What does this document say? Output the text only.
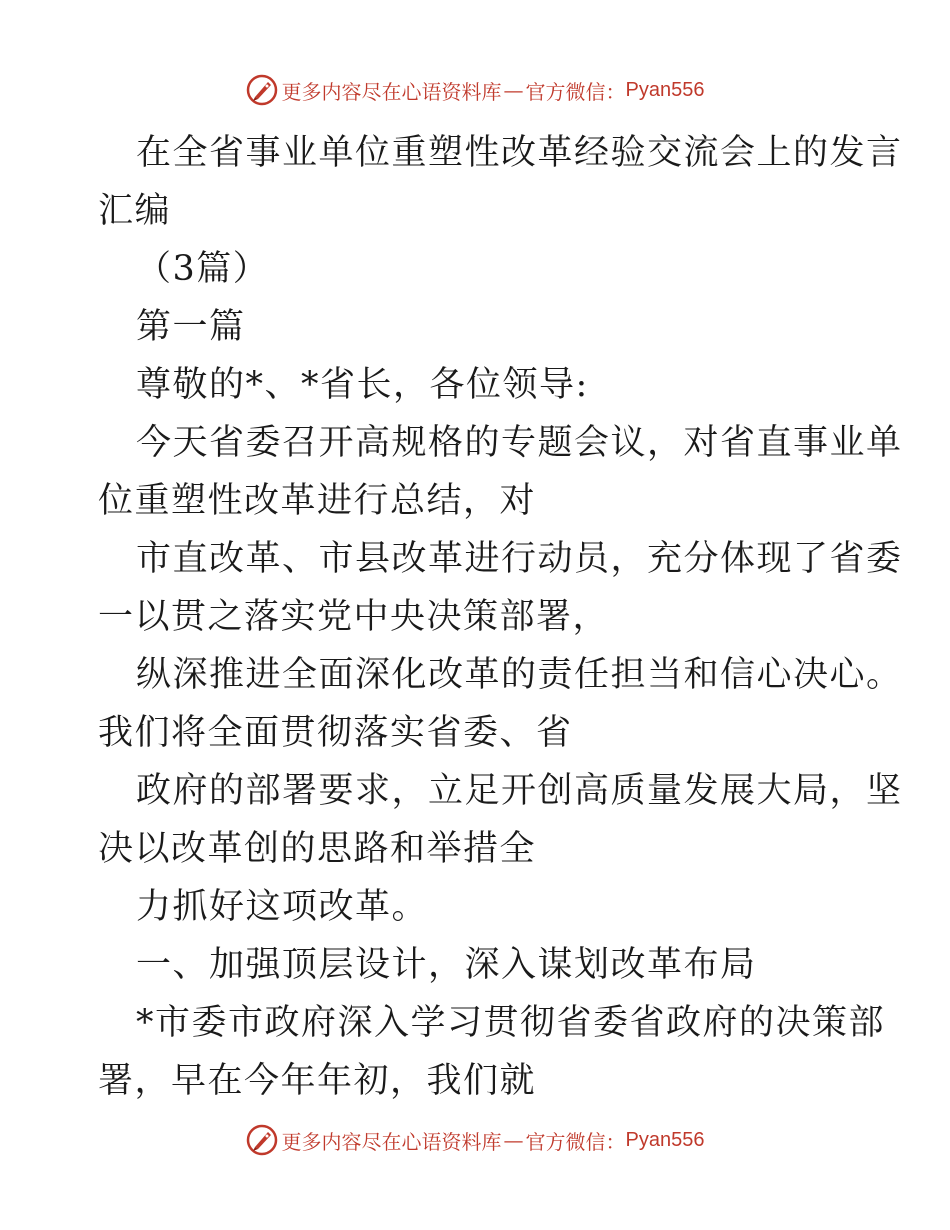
更多内容尽在心语资料库 — 官方微信： Pyan556
在全省事业单位重塑性改革经验交流会上的发言
汇编
（3篇）
第一篇
尊敬的*、*省长，各位领导:
今天省委召开高规格的专题会议，对省直事业单
位重塑性改革进行总结，对
市直改革、市县改革进行动员，充分体现了省委
一以贯之落实党中央决策部署，
纵深推进全面深化改革的责任担当和信心决心。
我们将全面贯彻落实省委、省
政府的部署要求，立足开创高质量发展大局，坚
决以改革创的思路和举措全
力抓好这项改革。
一、加强顶层设计，深入谋划改革布局
*市委市政府深入学习贯彻省委省政府的决策部
署，早在今年年初，我们就
更多内容尽在心语资料库 — 官方微信： Pyan556
